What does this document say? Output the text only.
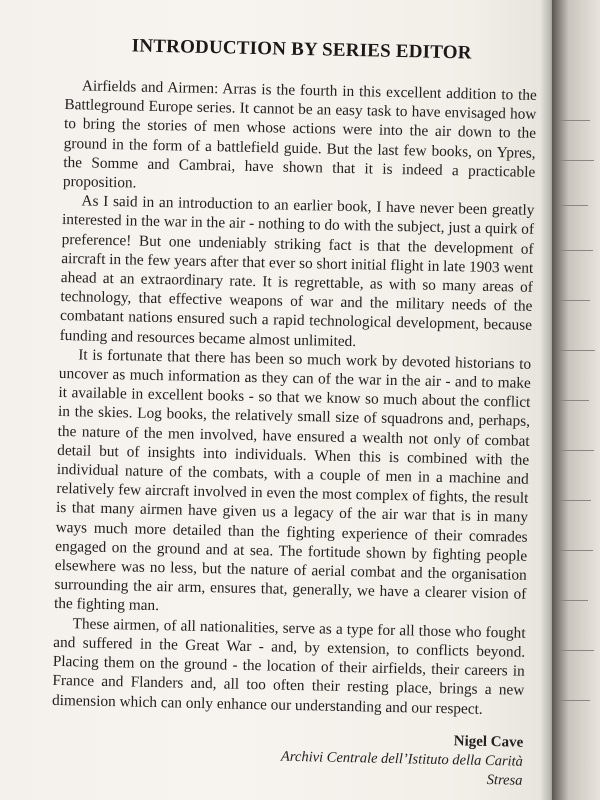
INTRODUCTION BY SERIES EDITOR

Airfields and Airmen: Arras is the fourth in this excellent addition to the Battleground Europe series. It cannot be an easy task to have envisaged how to bring the stories of men whose actions were into the air down to the ground in the form of a battlefield guide. But the last few books, on Ypres, the Somme and Cambrai, have shown that it is indeed a practicable proposition.

As I said in an introduction to an earlier book, I have never been greatly interested in the war in the air - nothing to do with the subject, just a quirk of preference! But one undeniably striking fact is that the development of aircraft in the few years after that ever so short initial flight in late 1903 went ahead at an extraordinary rate. It is regrettable, as with so many areas of technology, that effective weapons of war and the military needs of the combatant nations ensured such a rapid technological development, because funding and resources became almost unlimited.

It is fortunate that there has been so much work by devoted historians to uncover as much information as they can of the war in the air - and to make it available in excellent books - so that we know so much about the conflict in the skies. Log books, the relatively small size of squadrons and, perhaps, the nature of the men involved, have ensured a wealth not only of combat detail but of insights into individuals. When this is combined with the individual nature of the combats, with a couple of men in a machine and relatively few aircraft involved in even the most complex of fights, the result is that many airmen have given us a legacy of the air war that is in many ways much more detailed than the fighting experience of their comrades engaged on the ground and at sea. The fortitude shown by fighting people elsewhere was no less, but the nature of aerial combat and the organisation surrounding the air arm, ensures that, generally, we have a clearer vision of the fighting man.

These airmen, of all nationalities, serve as a type for all those who fought and suffered in the Great War - and, by extension, to conflicts beyond. Placing them on the ground - the location of their airfields, their careers in France and Flanders and, all too often their resting place, brings a new dimension which can only enhance our understanding and our respect.

Nigel Cave
Archivi Centrale dell’Istituto della Carità
Stresa
